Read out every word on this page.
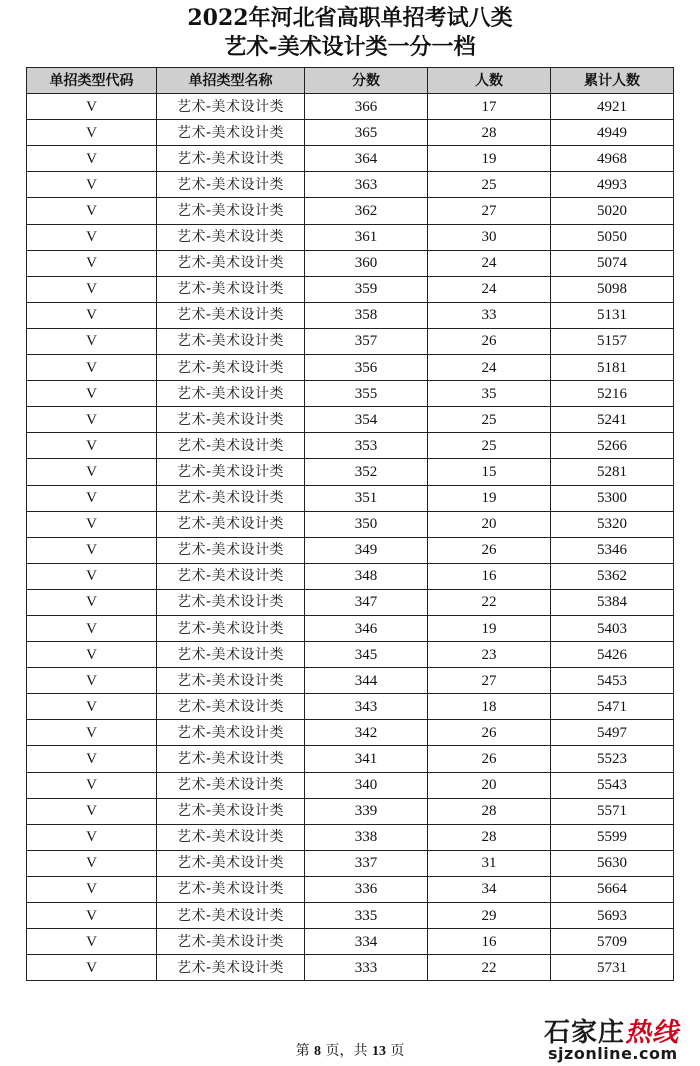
2022年河北省高职单招考试八类
艺术-美术设计类一分一档
单招类型代码	单招类型名称	分数	人数	累计人数
V	艺术-美术设计类	366	17	4921
V	艺术-美术设计类	365	28	4949
V	艺术-美术设计类	364	19	4968
V	艺术-美术设计类	363	25	4993
V	艺术-美术设计类	362	27	5020
V	艺术-美术设计类	361	30	5050
V	艺术-美术设计类	360	24	5074
V	艺术-美术设计类	359	24	5098
V	艺术-美术设计类	358	33	5131
V	艺术-美术设计类	357	26	5157
V	艺术-美术设计类	356	24	5181
V	艺术-美术设计类	355	35	5216
V	艺术-美术设计类	354	25	5241
V	艺术-美术设计类	353	25	5266
V	艺术-美术设计类	352	15	5281
V	艺术-美术设计类	351	19	5300
V	艺术-美术设计类	350	20	5320
V	艺术-美术设计类	349	26	5346
V	艺术-美术设计类	348	16	5362
V	艺术-美术设计类	347	22	5384
V	艺术-美术设计类	346	19	5403
V	艺术-美术设计类	345	23	5426
V	艺术-美术设计类	344	27	5453
V	艺术-美术设计类	343	18	5471
V	艺术-美术设计类	342	26	5497
V	艺术-美术设计类	341	26	5523
V	艺术-美术设计类	340	20	5543
V	艺术-美术设计类	339	28	5571
V	艺术-美术设计类	338	28	5599
V	艺术-美术设计类	337	31	5630
V	艺术-美术设计类	336	34	5664
V	艺术-美术设计类	335	29	5693
V	艺术-美术设计类	334	16	5709
V	艺术-美术设计类	333	22	5731
第 8 页，共 13 页
石家庄热线
sjzonline.com
